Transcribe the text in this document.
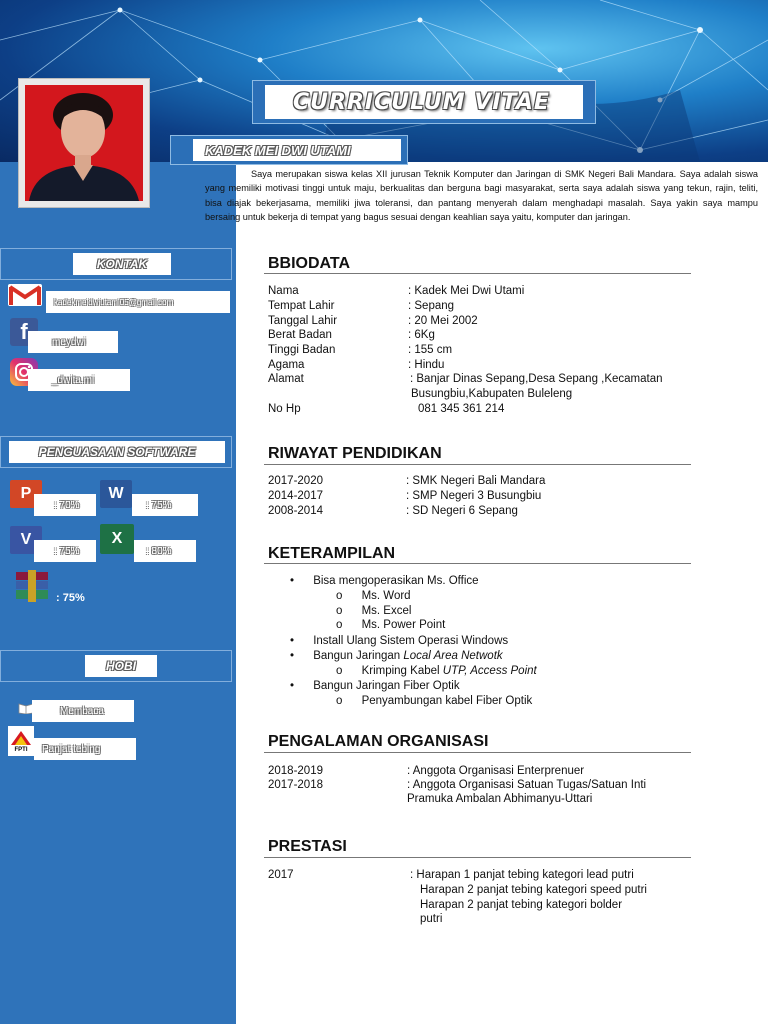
CURRICULUM VITAE
KADEK MEI DWI UTAMI

Saya merupakan siswa kelas XII jurusan Teknik Komputer dan Jaringan di SMK Negeri Bali Mandara. Saya adalah siswa yang memiliki motivasi tinggi untuk maju, berkualitas dan berguna bagi masyarakat, serta saya adalah siswa yang tekun, rajin, teliti, bisa diajak bekerjasama, memiliki jiwa toleransi, dan pantang menyerah dalam menghadapi masalah. Saya yakin saya mampu bersaing untuk bekerja di tempat yang bagus sesuai dengan keahlian saya yaitu, komputer dan jaringan.

KONTAK
kadekmeidwiutami05@gmail.com
f meydwi
_dwita.mi
PENGUASAAN SOFTWARE
P
: 70%
W
: 75%
V
: 75%
X
: 80%
: 75%
HOBI
Membaca
FPTI Panjat tebing
BBIODATA
Nama	: Kadek Mei Dwi Utami
Tempat Lahir	: Sepang
Tanggal Lahir	: 20 Mei 2002
Berat Badan	: 6Kg
Tinggi Badan	: 155 cm
Agama	: Hindu
Alamat	: Banjar Dinas Sepang,Desa Sepang ,Kecamatan
Busungbiu,Kabupaten Buleleng
No Hp	081 345 361 214
RIWAYAT PENDIDIKAN
2017-2020	: SMK Negeri Bali Mandara
2014-2017	: SMP Negeri 3 Busungbiu
2008-2014	: SD Negeri 6 Sepang
KETERAMPILAN
•      Bisa mengoperasikan Ms. Office
o      Ms. Word
o      Ms. Excel
o      Ms. Power Point
•      Install Ulang Sistem Operasi Windows
•      Bangun Jaringan Local Area Netwotk
o      Krimping Kabel UTP, Access Point
•      Bangun Jaringan Fiber Optik
o      Penyambungan kabel Fiber Optik
PENGALAMAN ORGANISASI
2018-2019	: Anggota Organisasi Enterprenuer
2017-2018	: Anggota Organisasi Satuan Tugas/Satuan Inti
Pramuka Ambalan Abhimanyu-Uttari
PRESTASI
2017	: Harapan 1 panjat tebing kategori lead putri
Harapan 2 panjat tebing kategori speed putri
Harapan 2 panjat tebing kategori bolder
putri
